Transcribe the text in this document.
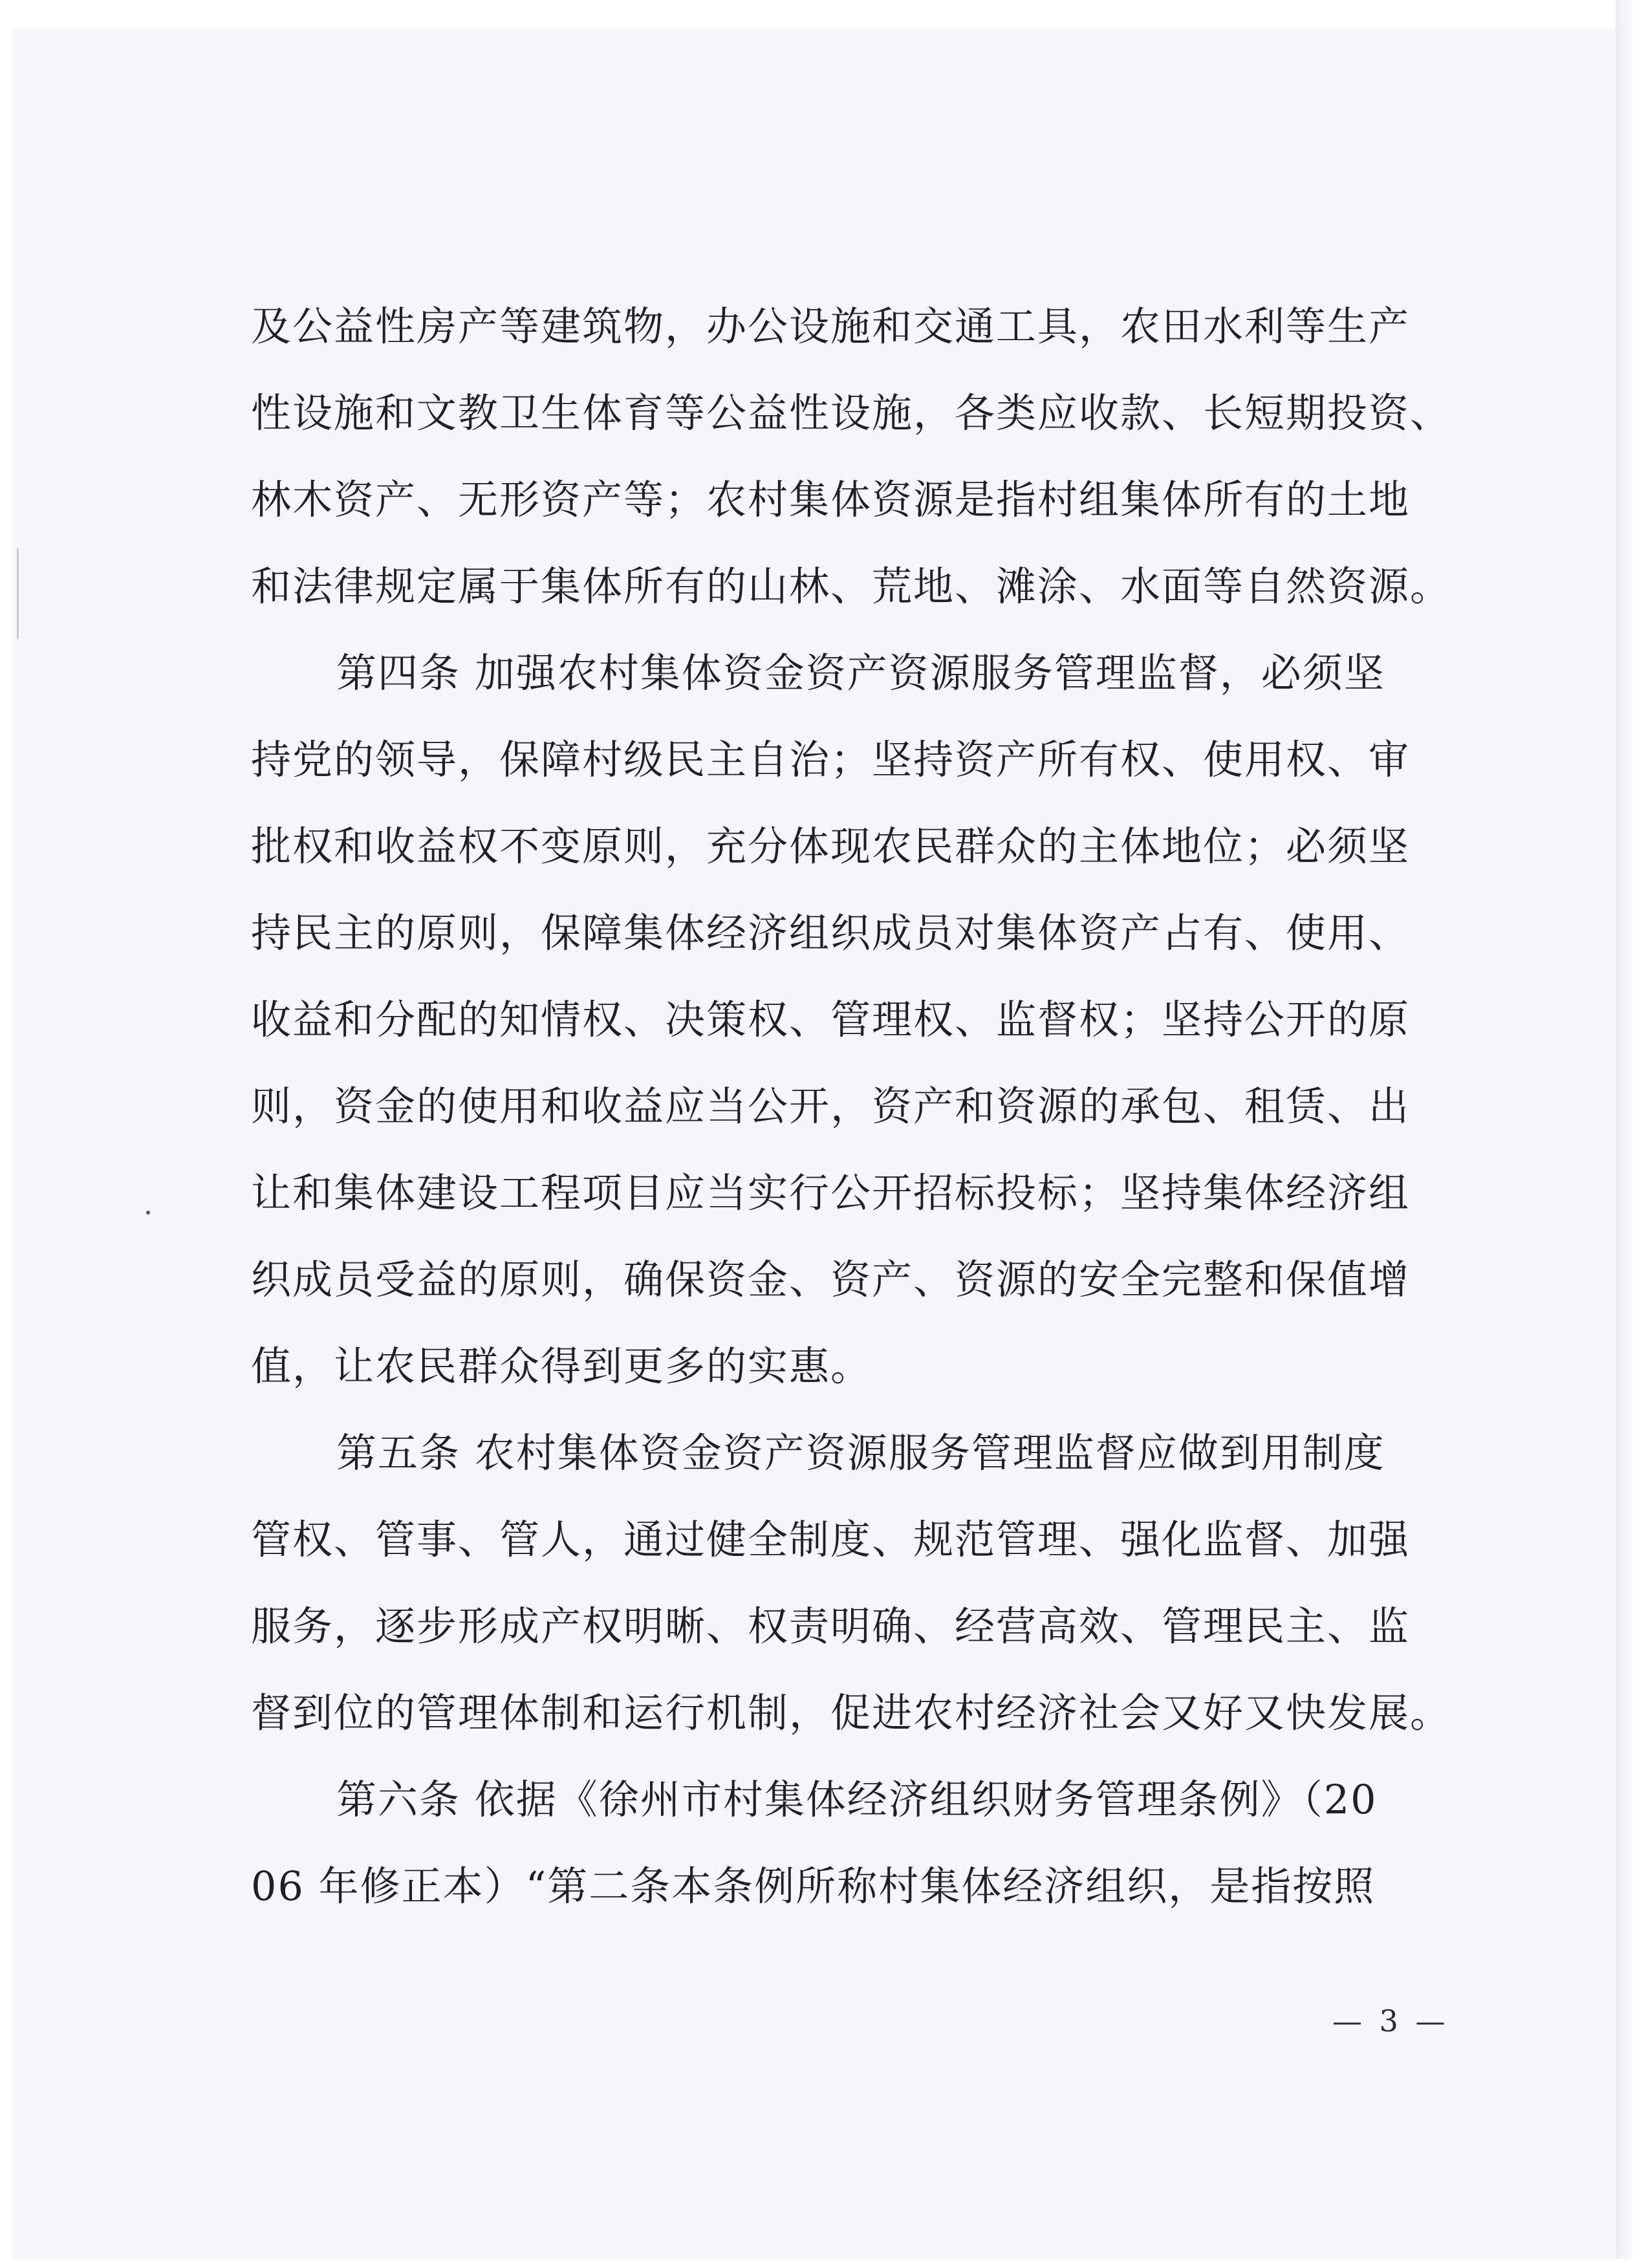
及公益性房产等建筑物，办公设施和交通工具，农田水利等生产
性设施和文教卫生体育等公益性设施，各类应收款、长短期投资、
林木资产、无形资产等；农村集体资源是指村组集体所有的土地
和法律规定属于集体所有的山林、荒地、滩涂、水面等自然资源。
第四条 加强农村集体资金资产资源服务管理监督，必须坚
持党的领导，保障村级民主自治；坚持资产所有权、使用权、审
批权和收益权不变原则，充分体现农民群众的主体地位；必须坚
持民主的原则，保障集体经济组织成员对集体资产占有、使用、
收益和分配的知情权、决策权、管理权、监督权；坚持公开的原
则，资金的使用和收益应当公开，资产和资源的承包、租赁、出
让和集体建设工程项目应当实行公开招标投标；坚持集体经济组
织成员受益的原则，确保资金、资产、资源的安全完整和保值增
值，让农民群众得到更多的实惠。
第五条 农村集体资金资产资源服务管理监督应做到用制度
管权、管事、管人，通过健全制度、规范管理、强化监督、加强
服务，逐步形成产权明晰、权责明确、经营高效、管理民主、监
督到位的管理体制和运行机制，促进农村经济社会又好又快发展。
第六条 依据《徐州市村集体经济组织财务管理条例》（20
06 年修正本）“第二条本条例所称村集体经济组织，是指按照
— 3 —
